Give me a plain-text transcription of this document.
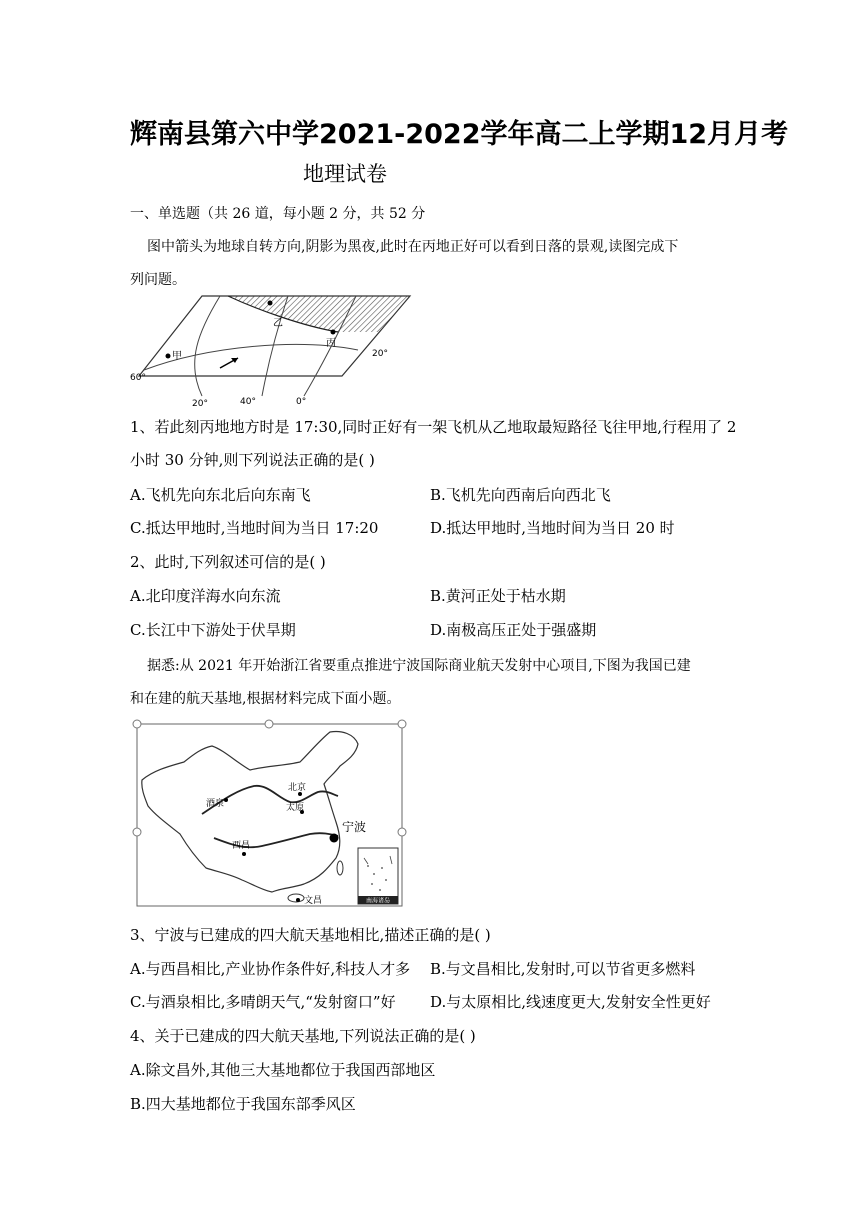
辉南县第六中学2021-2022学年高二上学期12月月考
地理试卷
一、单选题（共 26 道，每小题 2 分，共 52 分
图中箭头为地球自转方向,阴影为黑夜,此时在丙地正好可以看到日落的景观,读图完成下
列问题。
甲
乙
丙
60°
20°
20°	40°	0°
1、若此刻丙地地方时是 17:30,同时正好有一架飞机从乙地取最短路径飞往甲地,行程用了 2
小时 30 分钟,则下列说法正确的是( )
A.飞机先向东北后向东南飞	B.飞机先向西南后向西北飞
C.抵达甲地时,当地时间为当日 17:20	D.抵达甲地时,当地时间为当日 20 时
2、此时,下列叙述可信的是( )
A.北印度洋海水向东流	B.黄河正处于枯水期
C.长江中下游处于伏旱期	D.南极高压正处于强盛期
据悉:从 2021 年开始浙江省要重点推进宁波国际商业航天发射中心项目,下图为我国已建
和在建的航天基地,根据材料完成下面小题。
南海诸岛
酒泉
北京
太原
宁波
西昌
文昌
3、宁波与已建成的四大航天基地相比,描述正确的是( )
A.与西昌相比,产业协作条件好,科技人才多 B.与文昌相比,发射时,可以节省更多燃料
C.与酒泉相比,多晴朗天气,“发射窗口”好 D.与太原相比,线速度更大,发射安全性更好
4、关于已建成的四大航天基地,下列说法正确的是( )
A.除文昌外,其他三大基地都位于我国西部地区
B.四大基地都位于我国东部季风区
